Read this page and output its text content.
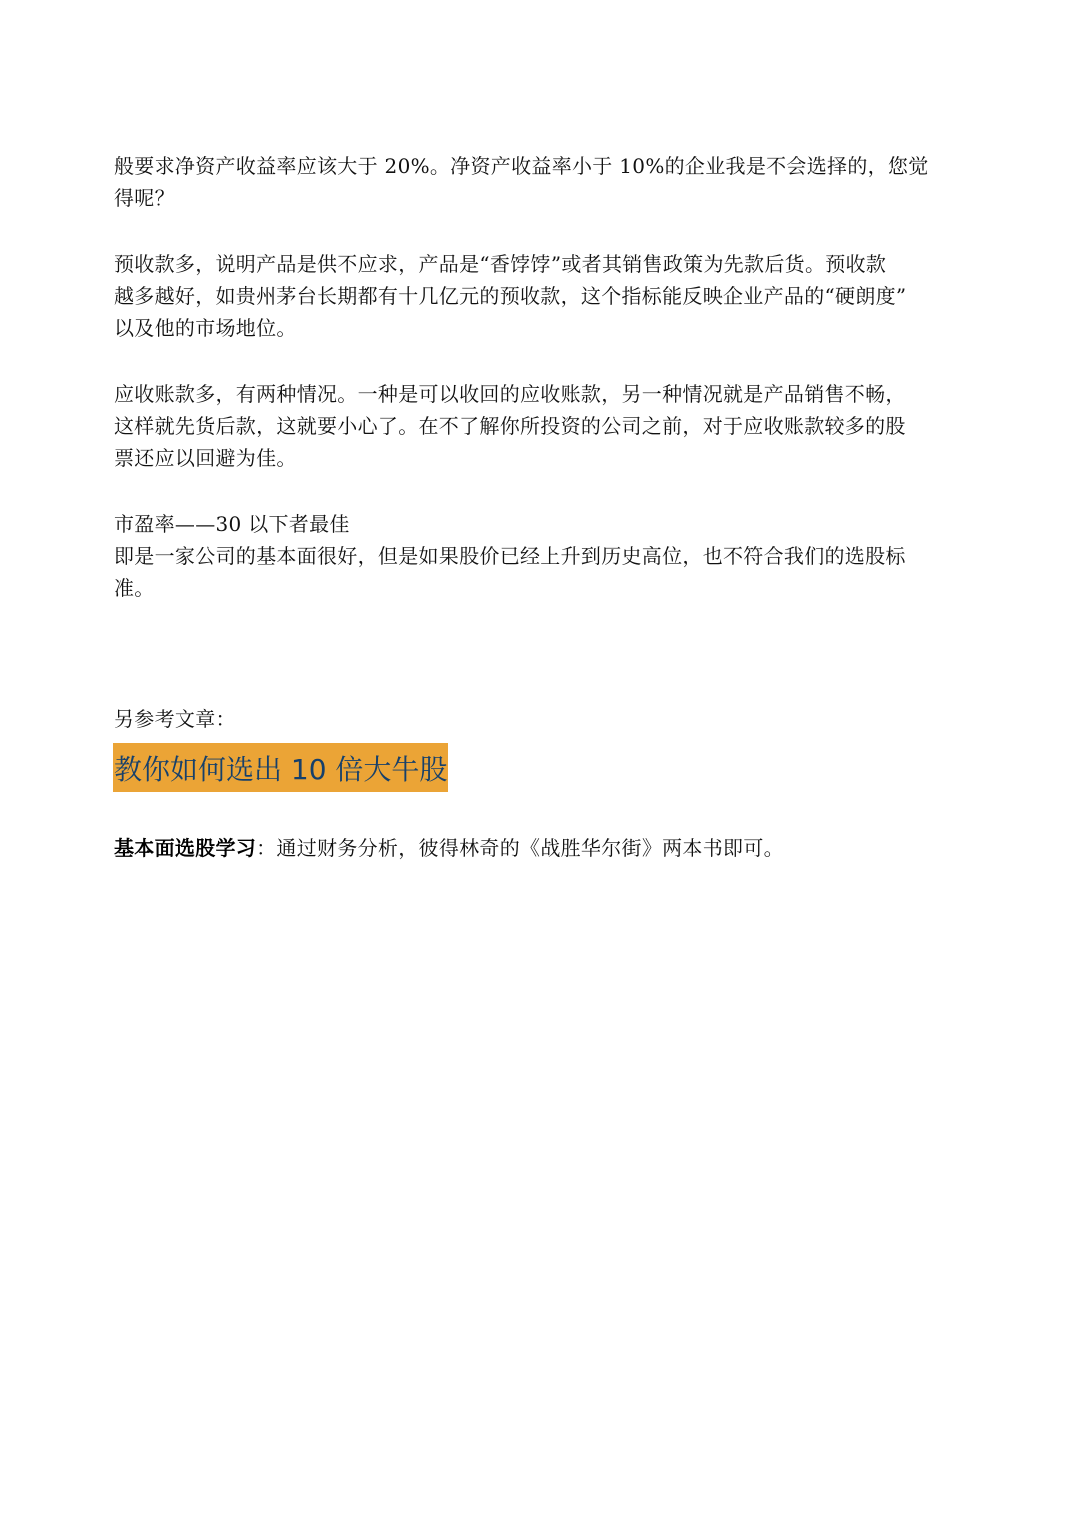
般要求净资产收益率应该大于 20%。净资产收益率小于 10%的企业我是不会选择的，您觉
得呢？
预收款多，说明产品是供不应求，产品是“香饽饽”或者其销售政策为先款后货。预收款
越多越好，如贵州茅台长期都有十几亿元的预收款，这个指标能反映企业产品的“硬朗度”
以及他的市场地位。
应收账款多，有两种情况。一种是可以收回的应收账款，另一种情况就是产品销售不畅，
这样就先货后款，这就要小心了。在不了解你所投资的公司之前，对于应收账款较多的股
票还应以回避为佳。
市盈率——30 以下者最佳
即是一家公司的基本面很好，但是如果股价已经上升到历史高位，也不符合我们的选股标
准。
另参考文章：
教你如何选出 10 倍大牛股
基本面选股学习：通过财务分析，彼得林奇的《战胜华尔街》两本书即可。
